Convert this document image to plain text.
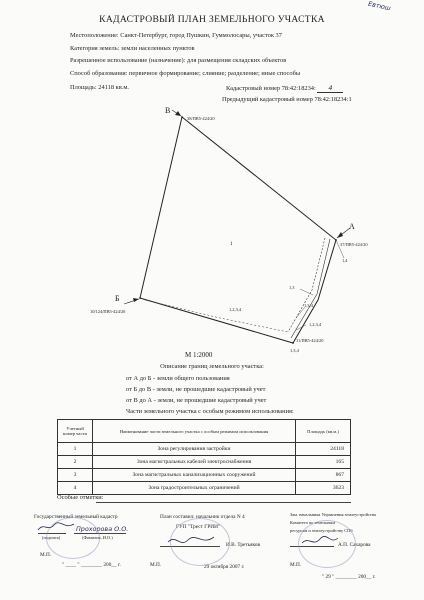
Евтюш
КАДАСТРОВЫЙ ПЛАН ЗЕМЕЛЬНОГО УЧАСТКА
Местоположение: Санкт-Петербург, город Пушкин, Гуммолосары, участок 37
Категория земель: земли населенных пунктов
Разрешенное использование (назначение): для размещения складских объектов
Способ образования: первичное формирование; слияние; разделение; иные способы
Площадь: 24118 кв.м.	Кадастровый номер 78:42:18234: 4
Предыдущий кадастровый номер 78:42:18234:1
В
38/ПВ5-424/20
А
37/ПВ5-424/20
Б
10/124/ПВ5-424/20
11/ПВ5-424/20
1
1,4
1,3
1,2,3,4
1,3,4
1,2,3,4
1,3,4
М 1:2000
Описание границ земельного участка:
от А до Б - земли общего пользования
от Б до В - земли, не прошедшие кадастровый учет
от В до А - земли, не прошедшие кадастровый учет
Части земельного участка с особым режимом использования:
Учетный номер части	Наименование части земельного участка с особым режимом использования	Площадь (кв.м.)
1	Зона регулирования застройки	24118
2	Зона магистральных кабелей электроснабжения	165
3	Зона магистральных канализационных сооружений	867
4	Зона градостроительных ограничений	3623
Особые отметки:
Государственный земельный кадастр
Прохорова О.О.
(подпись)	(Фамилия, И.О.)
М.П.
" ____ " ________ 200__ г.
План составил: начальник отдела N 4
ГУП "Трест ГРИИ"
И.В. Третьяков
М.П.	29 октября 2007 г.
Зам. начальника Управления землеустройства
Комитета по земельным
ресурсам и землеустройству СПб
А.П. Сахарова
М.П.
" 29 " ________ 200__ г.
